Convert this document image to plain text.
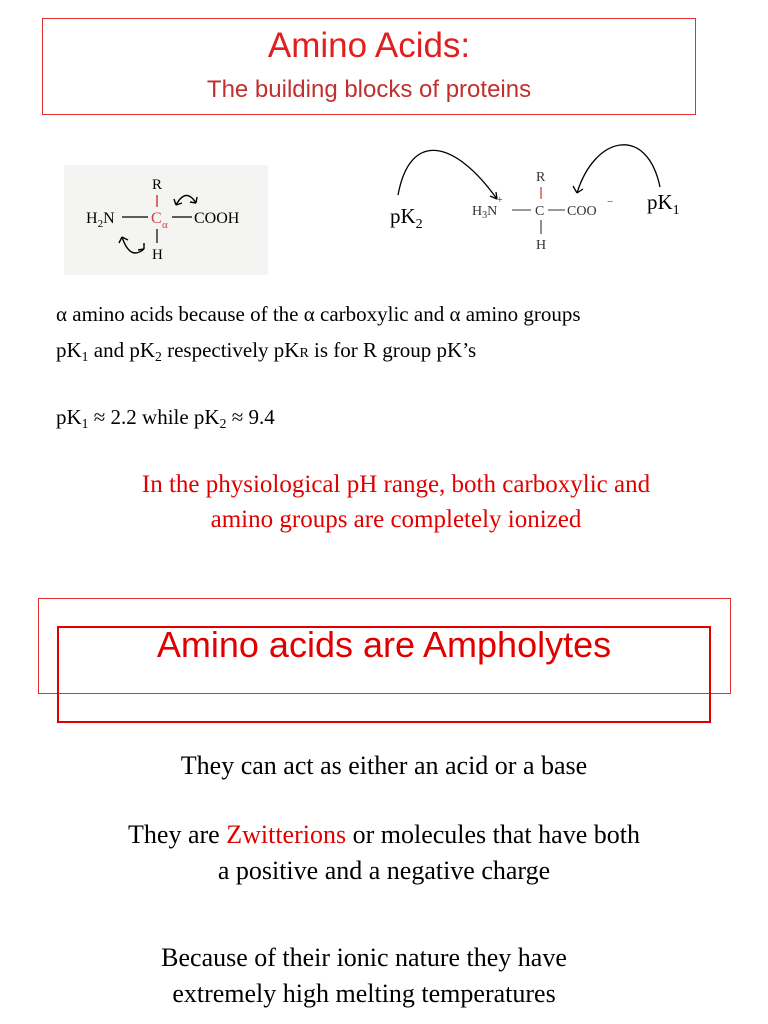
Amino Acids:
The building blocks of proteins
R
$H_2N$ C α COOH
H
$pK_2$
$pK_1$
R
$H_3N$
+
C COO
−
H
α amino acids because of the α carboxylic and α amino groups
$pK_1$ and $pK_2$ respectively pKR is for R group pK’s
$pK_1 \approx 2.2$ while $pK_2 \approx 9.4$
In the physiological pH range, both carboxylic and
amino groups are completely ionized
Amino acids are Ampholytes
They can act as either an acid or a base
They are Zwitterions or molecules that have both
a positive and a negative charge
Because of their ionic nature they have
extremely high melting temperatures
